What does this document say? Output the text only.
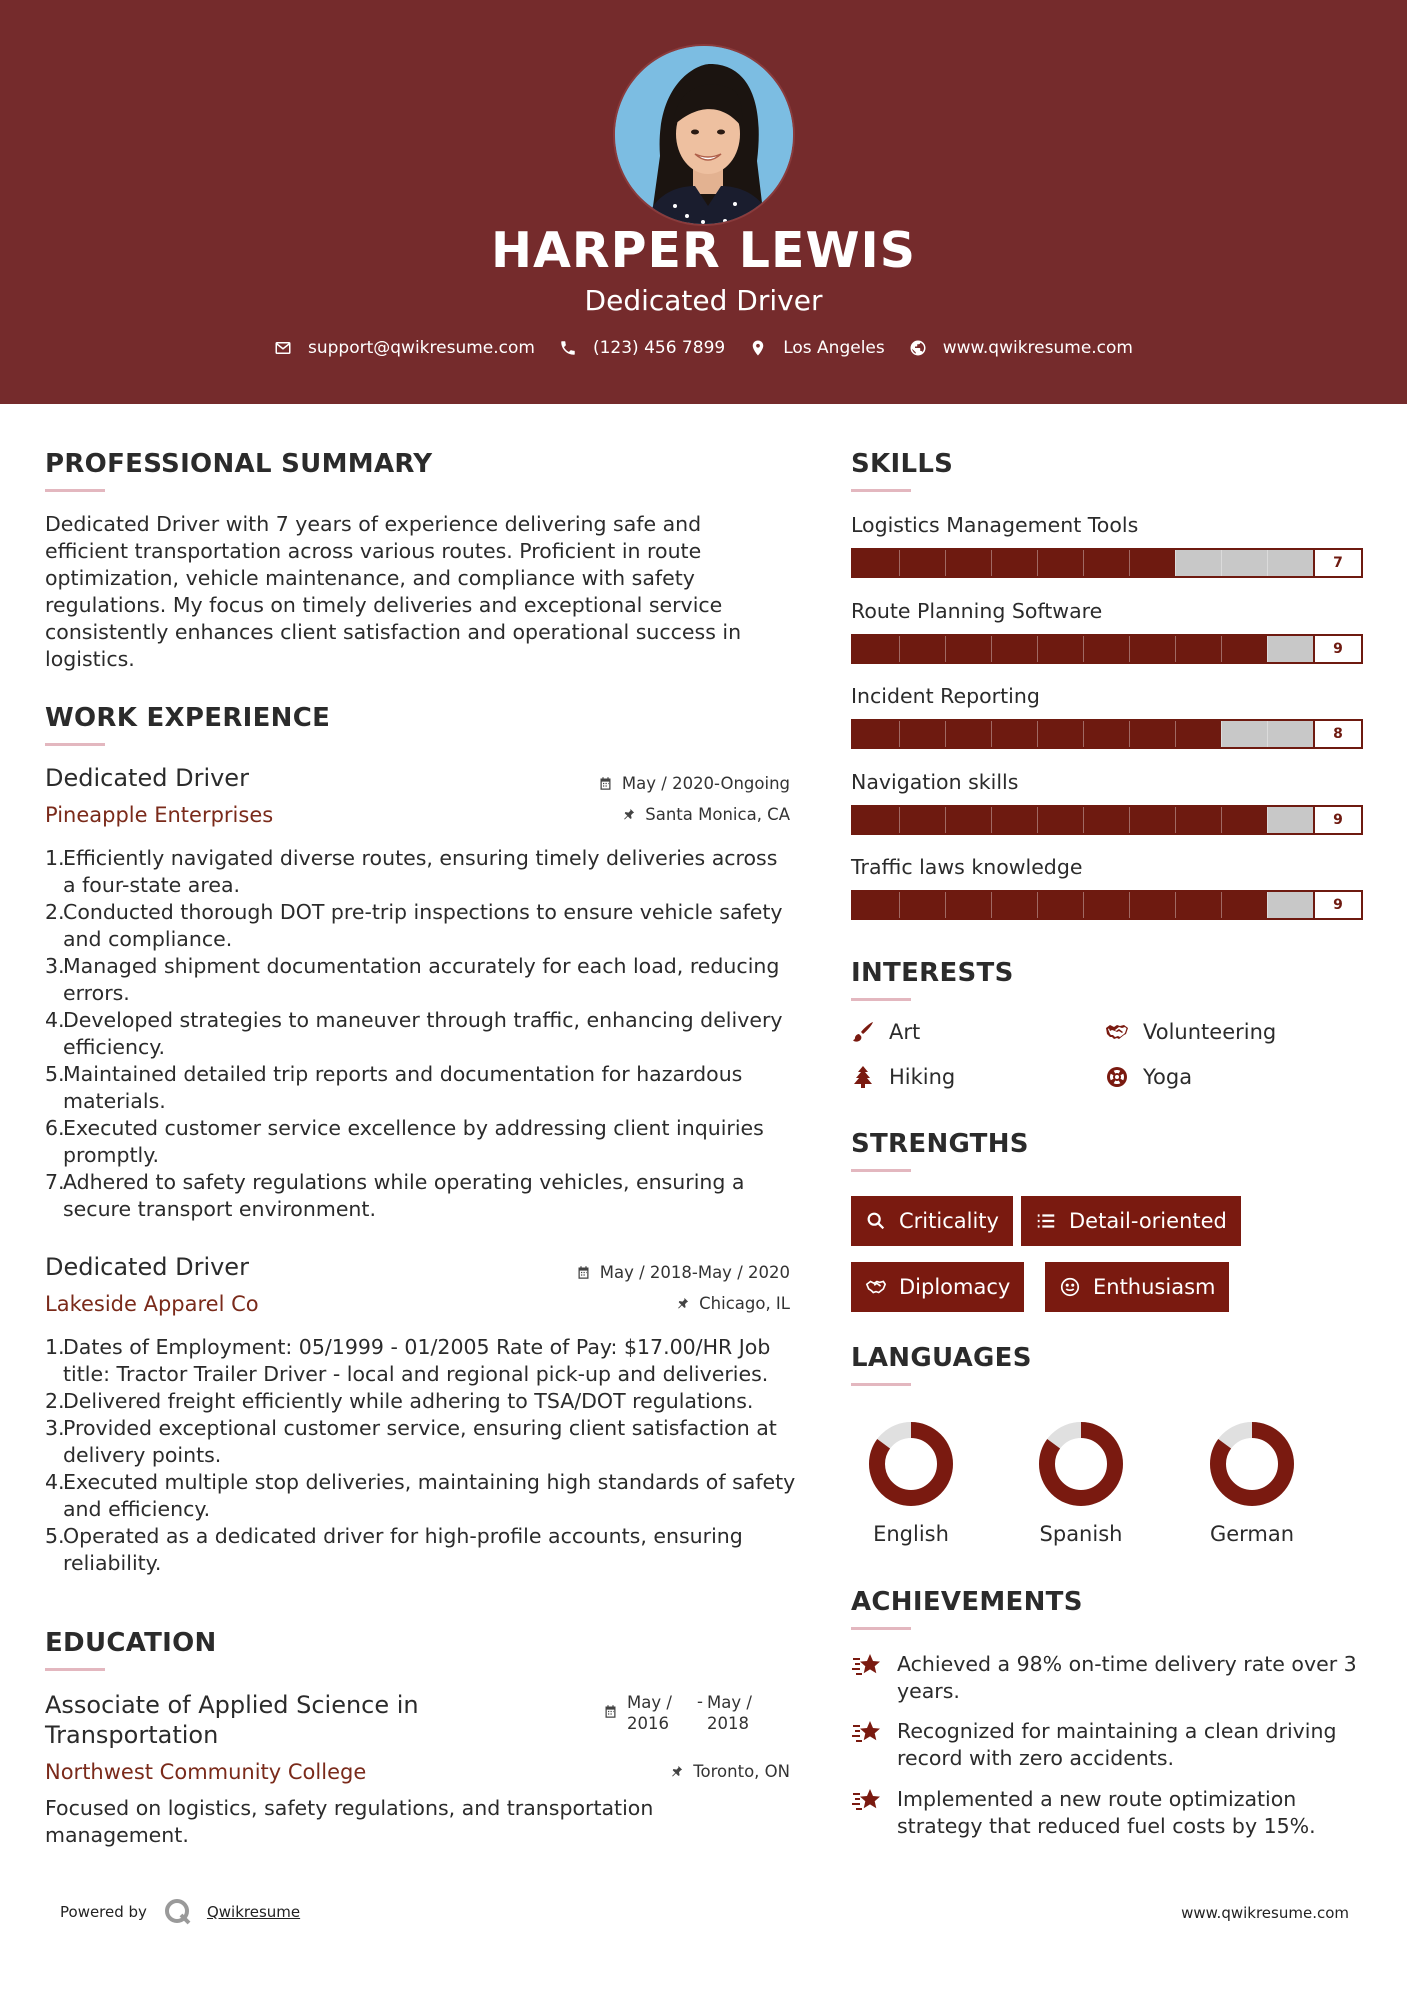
HARPER LEWIS
Dedicated Driver
support@qwikresume.com	(123) 456 7899	Los Angeles	www.qwikresume.com
PROFESSIONAL SUMMARY
Dedicated Driver with 7 years of experience delivering safe and efficient transportation across various routes. Proficient in route optimization, vehicle maintenance, and compliance with safety regulations. My focus on timely deliveries and exceptional service consistently enhances client satisfaction and operational success in logistics.
WORK EXPERIENCE
Dedicated Driver	May / 2020-Ongoing
Pineapple Enterprises	Santa Monica, CA
Efficiently navigated diverse routes, ensuring timely deliveries across a four-state area.
Conducted thorough DOT pre-trip inspections to ensure vehicle safety and compliance.
Managed shipment documentation accurately for each load, reducing errors.
Developed strategies to maneuver through traffic, enhancing delivery efficiency.
Maintained detailed trip reports and documentation for hazardous materials.
Executed customer service excellence by addressing client inquiries promptly.
Adhered to safety regulations while operating vehicles, ensuring a secure transport environment.
Dedicated Driver	May / 2018-May / 2020
Lakeside Apparel Co	Chicago, IL
Dates of Employment: 05/1999 - 01/2005 Rate of Pay: $17.00/HR Job title: Tractor Trailer Driver - local and regional pick-up and deliveries.
Delivered freight efficiently while adhering to TSA/DOT regulations.
Provided exceptional customer service, ensuring client satisfaction at delivery points.
Executed multiple stop deliveries, maintaining high standards of safety and efficiency.
Operated as a dedicated driver for high-profile accounts, ensuring reliability.
EDUCATION
Associate of Applied Science in Transportation
May / 2016
- May / 2018
Northwest Community College	Toronto, ON
Focused on logistics, safety regulations, and transportation management.
SKILLS
Logistics Management Tools
7
Route Planning Software
9
Incident Reporting
8
Navigation skills
9
Traffic laws knowledge
9
INTERESTS
Art	Volunteering
Hiking	Yoga
STRENGTHS
Criticality	Detail-oriented
Diplomacy	Enthusiasm
LANGUAGES
English	Spanish	German
ACHIEVEMENTS
Achieved a 98% on-time delivery rate over 3 years.
Recognized for maintaining a clean driving record with zero accidents.
Implemented a new route optimization strategy that reduced fuel costs by 15%.
Powered by	Qwikresume	www.qwikresume.com
